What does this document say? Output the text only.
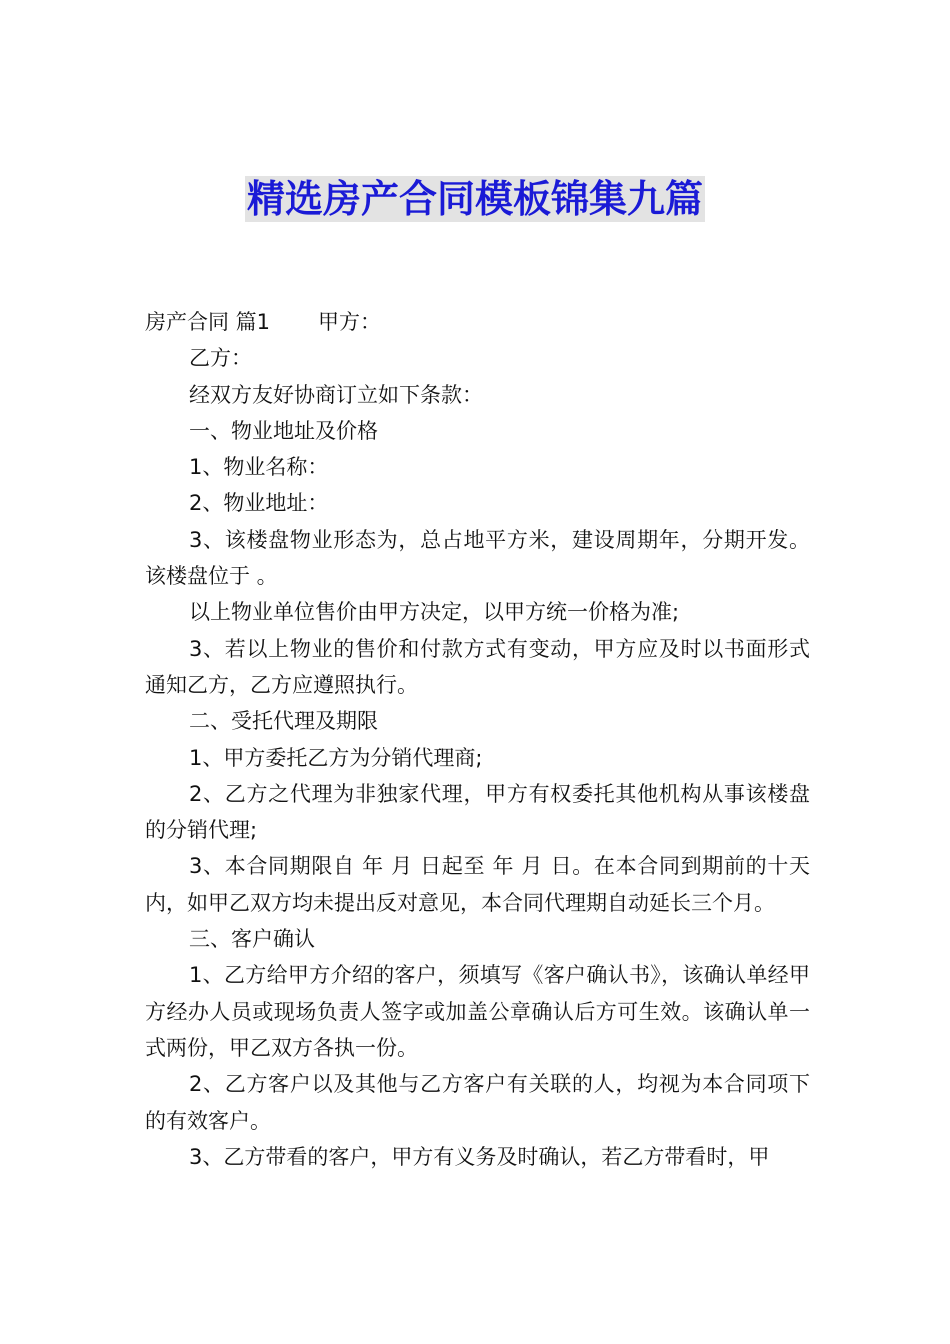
精选房产合同模板锦集九篇

房产合同 篇1 甲方：

乙方：

经双方友好协商订立如下条款：

一、物业地址及价格

1、物业名称：

2、物业地址：

3、该楼盘物业形态为，总占地平方米，建设周期年，分期开发。该楼盘位于 。

以上物业单位售价由甲方决定，以甲方统一价格为准;

3、若以上物业的售价和付款方式有变动，甲方应及时以书面形式通知乙方，乙方应遵照执行。

二、受托代理及期限

1、甲方委托乙方为分销代理商;

2、乙方之代理为非独家代理，甲方有权委托其他机构从事该楼盘的分销代理;

3、本合同期限自 年 月 日起至 年 月 日。在本合同到期前的十天内，如甲乙双方均未提出反对意见，本合同代理期自动延长三个月。

三、客户确认

1、乙方给甲方介绍的客户，须填写《客户确认书》，该确认单经甲方经办人员或现场负责人签字或加盖公章确认后方可生效。该确认单一式两份，甲乙双方各执一份。

2、乙方客户以及其他与乙方客户有关联的人，均视为本合同项下的有效客户。

3、乙方带看的客户，甲方有义务及时确认，若乙方带看时，甲
